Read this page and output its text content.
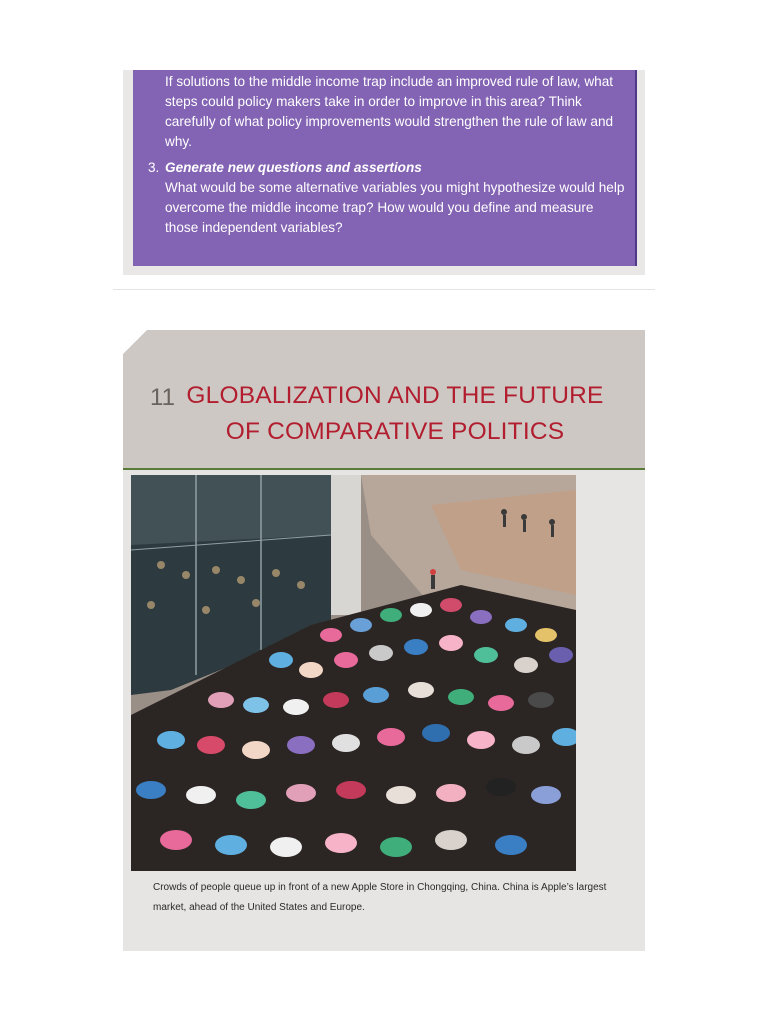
If solutions to the middle income trap include an improved rule of law, what steps could policy makers take in order to improve in this area? Think carefully of what policy improvements would strengthen the rule of law and why.
3. Generate new questions and assertions
What would be some alternative variables you might hypothesize would help overcome the middle income trap? How would you define and measure those independent variables?
11 GLOBALIZATION AND THE FUTURE
OF COMPARATIVE POLITICS
Crowds of people queue up in front of a new Apple Store in Chongqing, China. China is Apple’s largest market, ahead of the United States and Europe.
